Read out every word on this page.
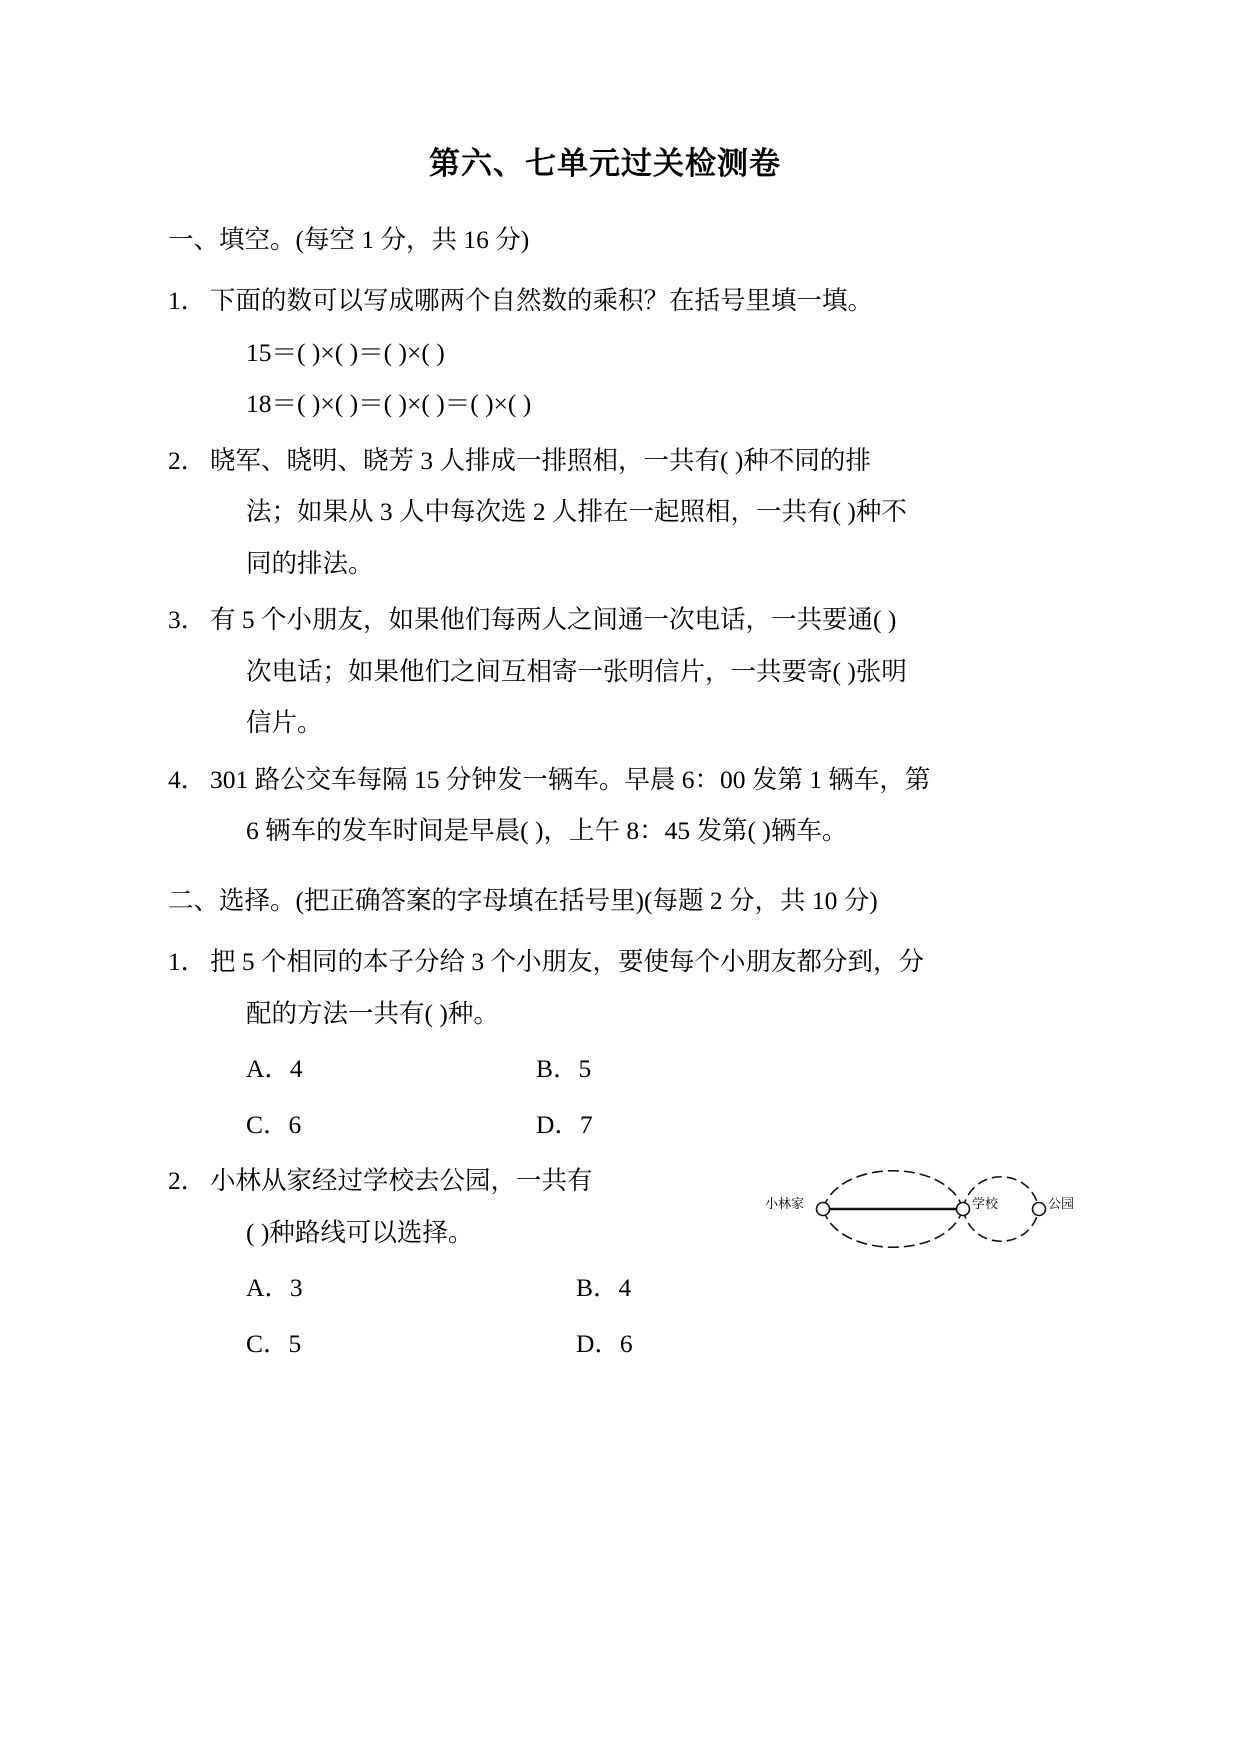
第六、七单元过关检测卷
一、填空。(每空 1 分，共 16 分)
1． 下面的数可以写成哪两个自然数的乘积？在括号里填一填。
15＝( )×( )＝( )×( )
18＝( )×( )＝( )×( )＝( )×( )
2． 晓军、晓明、晓芳 3 人排成一排照相，一共有( )种不同的排
法；如果从 3 人中每次选 2 人排在一起照相，一共有( )种不
同的排法。
3． 有 5 个小朋友，如果他们每两人之间通一次电话，一共要通( )
次电话；如果他们之间互相寄一张明信片，一共要寄( )张明
信片。
4． 301 路公交车每隔 15 分钟发一辆车。早晨 6：00 发第 1 辆车，第
6 辆车的发车时间是早晨( )，上午 8：45 发第( )辆车。
二、选择。(把正确答案的字母填在括号里)(每题 2 分，共 10 分)
1． 把 5 个相同的本子分给 3 个小朋友，要使每个小朋友都分到，分
配的方法一共有( )种。
A．4	B．5
C．6	D．7
2．
小林家	学校	公园
小林从家经过学校去公园，一共有
( )种路线可以选择。
A．3	B．4
C．5	D．6
